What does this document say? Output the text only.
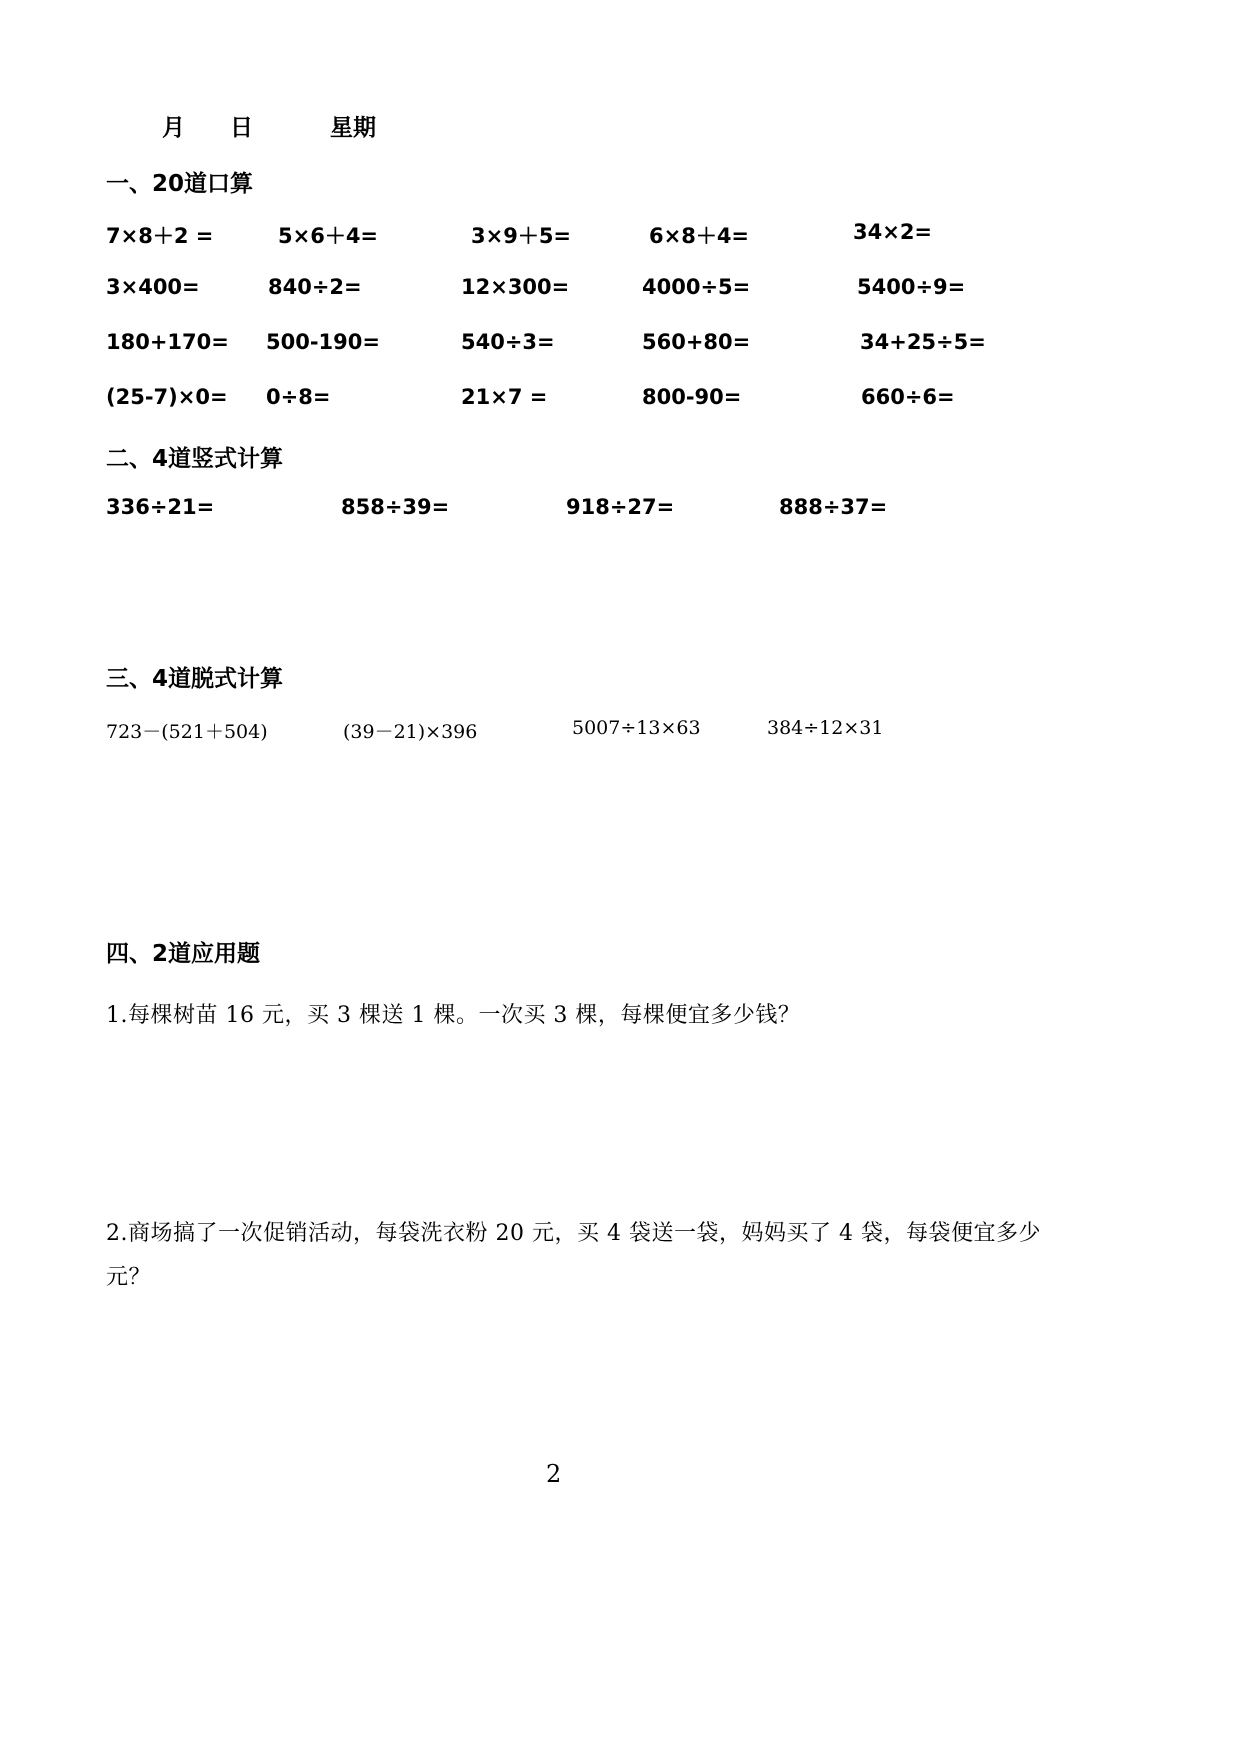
月 日	星期
一、20道口算
7×8＋2 =	5×6＋4=	3×9＋5=	6×8＋4=	34×2=
3×400=	840÷2=	12×300=	4000÷5=	5400÷9=
180+170= 500-190=	540÷3=	560+80=	34+25÷5=
(25-7)×0= 0÷8=	21×7 =	800-90=	660÷6=
二、4道竖式计算
336÷21=	858÷39=	918÷27=	888÷37=
三、4道脱式计算
723－(521＋504)	(39－21)×396	5007÷13×63	384÷12×31
四、2道应用题
1.每棵树苗 16 元，买 3 棵送 1 棵。一次买 3 棵，每棵便宜多少钱？
2.商场搞了一次促销活动，每袋洗衣粉 20 元，买 4 袋送一袋，妈妈买了 4 袋，每袋便宜多少
元？
2
